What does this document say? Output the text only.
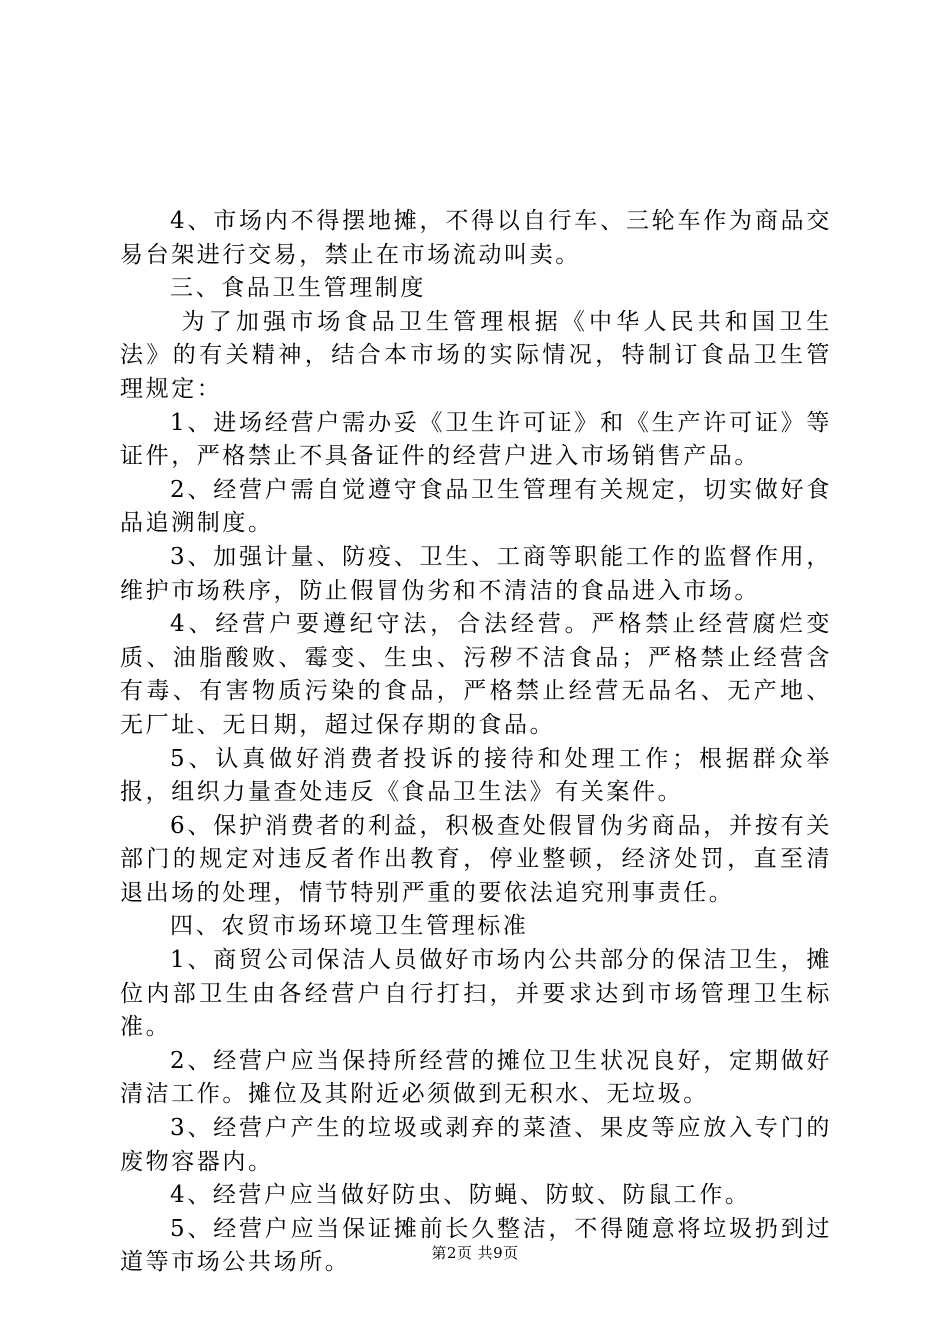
4、市场内不得摆地摊，不得以自行车、三轮车作为商品交易台架进行交易，禁止在市场流动叫卖。

三、食品卫生管理制度

为了加强市场食品卫生管理根据《中华人民共和国卫生法》的有关精神，结合本市场的实际情况，特制订食品卫生管理规定：

1、进场经营户需办妥《卫生许可证》和《生产许可证》等证件，严格禁止不具备证件的经营户进入市场销售产品。

2、经营户需自觉遵守食品卫生管理有关规定，切实做好食品追溯制度。

3、加强计量、防疫、卫生、工商等职能工作的监督作用，维护市场秩序，防止假冒伪劣和不清洁的食品进入市场。

4、经营户要遵纪守法，合法经营。严格禁止经营腐烂变质、油脂酸败、霉变、生虫、污秽不洁食品；严格禁止经营含有毒、有害物质污染的食品，严格禁止经营无品名、无产地、无厂址、无日期，超过保存期的食品。

5、认真做好消费者投诉的接待和处理工作；根据群众举报，组织力量查处违反《食品卫生法》有关案件。

6、保护消费者的利益，积极查处假冒伪劣商品，并按有关部门的规定对违反者作出教育，停业整顿，经济处罚，直至清退出场的处理，情节特别严重的要依法追究刑事责任。

四、农贸市场环境卫生管理标准

1、商贸公司保洁人员做好市场内公共部分的保洁卫生，摊位内部卫生由各经营户自行打扫，并要求达到市场管理卫生标准。

2、经营户应当保持所经营的摊位卫生状况良好，定期做好清洁工作。摊位及其附近必须做到无积水、无垃圾。

3、经营户产生的垃圾或剥弃的菜渣、果皮等应放入专门的废物容器内。

4、经营户应当做好防虫、防蝇、防蚊、防鼠工作。

5、经营户应当保证摊前长久整洁，不得随意将垃圾扔到过道等市场公共场所。	第2页 共9页
